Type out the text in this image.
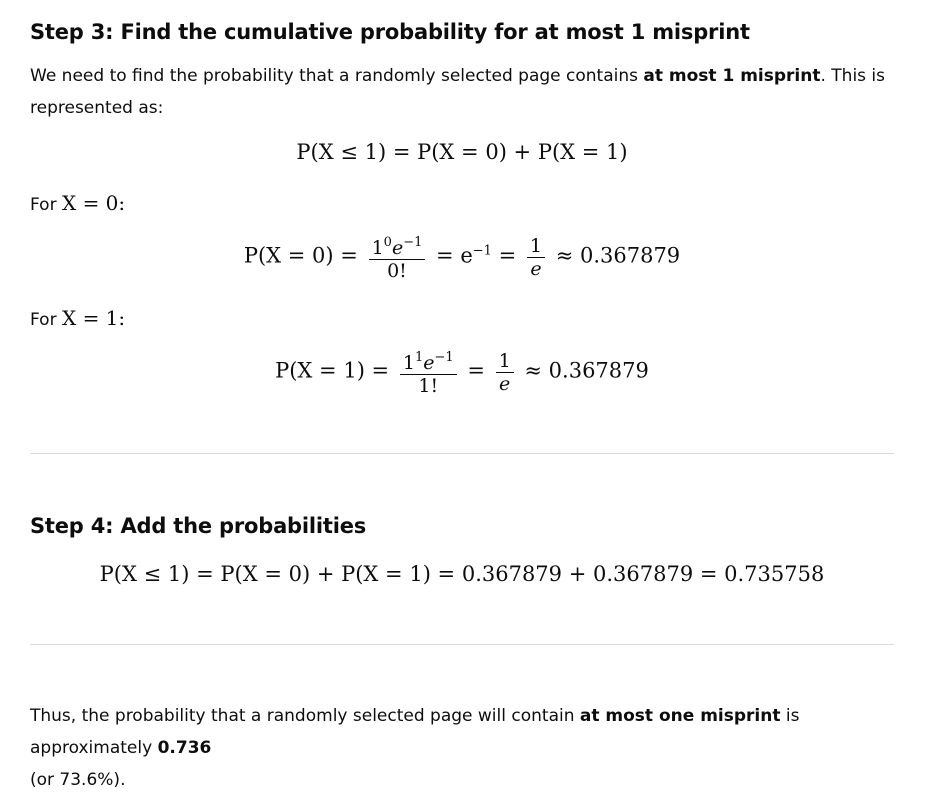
Step 3: Find the cumulative probability for at most 1 misprint

We need to find the probability that a randomly selected page contains at most 1 misprint. This is
represented as:

P(X ≤ 1) = P(X = 0) + P(X = 1)

For X = 0:

$P(X = 0) = \frac{1^0e^{-1}}{0!} = e^{-1} = \frac{1}{e} \approx 0.367879$

For X = 1:

$P(X = 1) = \frac{1^1e^{-1}}{1!} = \frac{1}{e} \approx 0.367879$
Step 4: Add the probabilities
P(X ≤ 1) = P(X = 0) + P(X = 1) = 0.367879 + 0.367879 = 0.735758

Thus, the probability that a randomly selected page will contain at most one misprint is approximately 0.736
(or 73.6%).
